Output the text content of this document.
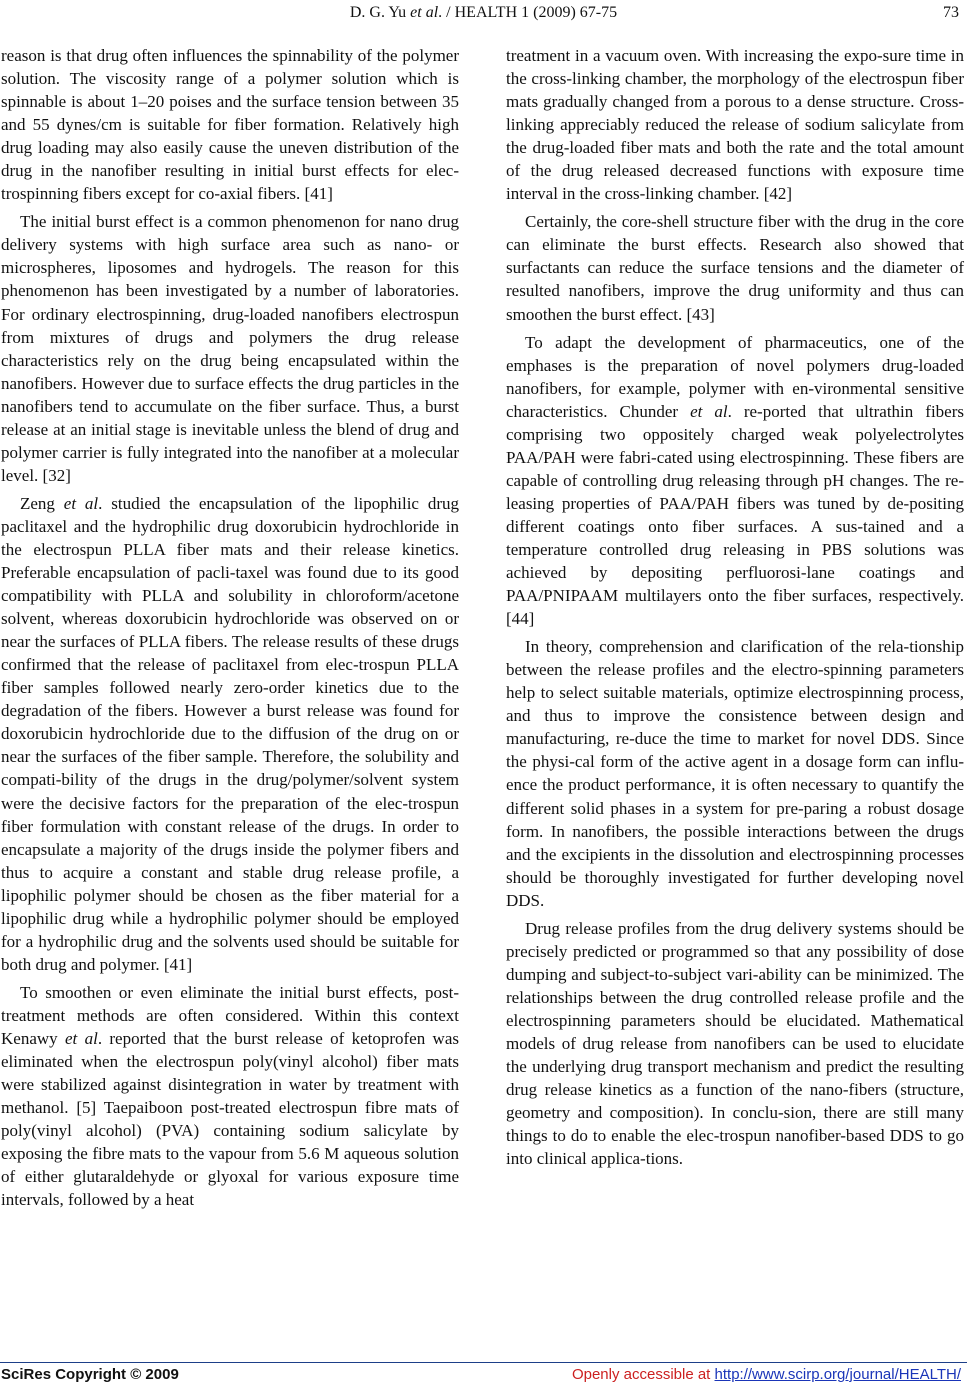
D. G. Yu et al. / HEALTH 1 (2009) 67-75	73

reason is that drug often influences the spinnability of the polymer solution. The viscosity range of a polymer solution which is spinnable is about 1–20 poises and the surface tension between 35 and 55 dynes/cm is suitable for fiber formation. Relatively high drug loading may also easily cause the uneven distribution of the drug in the nanofiber resulting in initial burst effects for elec-trospinning fibers except for co-axial fibers. [41]

The initial burst effect is a common phenomenon for nano drug delivery systems with high surface area such as nano- or microspheres, liposomes and hydrogels. The reason for this phenomenon has been investigated by a number of laboratories. For ordinary electrospinning, drug-loaded nanofibers electrospun from mixtures of drugs and polymers the drug release characteristics rely on the drug being encapsulated within the nanofibers. However due to surface effects the drug particles in the nanofibers tend to accumulate on the fiber surface. Thus, a burst release at an initial stage is inevitable unless the blend of drug and polymer carrier is fully integrated into the nanofiber at a molecular level. [32]

Zeng et al. studied the encapsulation of the lipophilic drug paclitaxel and the hydrophilic drug doxorubicin hydrochloride in the electrospun PLLA fiber mats and their release kinetics. Preferable encapsulation of pacli-taxel was found due to its good compatibility with PLLA and solubility in chloroform/acetone solvent, whereas doxorubicin hydrochloride was observed on or near the surfaces of PLLA fibers. The release results of these drugs confirmed that the release of paclitaxel from elec-trospun PLLA fiber samples followed nearly zero-order kinetics due to the degradation of the fibers. However a burst release was found for doxorubicin hydrochloride due to the diffusion of the drug on or near the surfaces of the fiber sample. Therefore, the solubility and compati-bility of the drugs in the drug/polymer/solvent system were the decisive factors for the preparation of the elec-trospun fiber formulation with constant release of the drugs. In order to encapsulate a majority of the drugs inside the polymer fibers and thus to acquire a constant and stable drug release profile, a lipophilic polymer should be chosen as the fiber material for a lipophilic drug while a hydrophilic polymer should be employed for a hydrophilic drug and the solvents used should be suitable for both drug and polymer. [41]

To smoothen or even eliminate the initial burst effects, post-treatment methods are often considered. Within this context Kenawy et al. reported that the burst release of ketoprofen was eliminated when the electrospun poly(vinyl alcohol) fiber mats were stabilized against disintegration in water by treatment with methanol. [5] Taepaiboon post-treated electrospun fibre mats of poly(vinyl alcohol) (PVA) containing sodium salicylate by exposing the fibre mats to the vapour from 5.6 M aqueous solution of either glutaraldehyde or glyoxal for various exposure time intervals, followed by a heat

treatment in a vacuum oven. With increasing the expo-sure time in the cross-linking chamber, the morphology of the electrospun fiber mats gradually changed from a porous to a dense structure. Cross-linking appreciably reduced the release of sodium salicylate from the drug-loaded fiber mats and both the rate and the total amount of the drug released decreased functions with exposure time interval in the cross-linking chamber. [42]

Certainly, the core-shell structure fiber with the drug in the core can eliminate the burst effects. Research also showed that surfactants can reduce the surface tensions and the diameter of resulted nanofibers, improve the drug uniformity and thus can smoothen the burst effect. [43]

To adapt the development of pharmaceutics, one of the emphases is the preparation of novel polymers drug-loaded nanofibers, for example, polymer with en-vironmental sensitive characteristics. Chunder et al. re-ported that ultrathin fibers comprising two oppositely charged weak polyelectrolytes PAA/PAH were fabri-cated using electrospinning. These fibers are capable of controlling drug releasing through pH changes. The re-leasing properties of PAA/PAH fibers was tuned by de-positing different coatings onto fiber surfaces. A sus-tained and a temperature controlled drug releasing in PBS solutions was achieved by depositing perfluorosi-lane coatings and PAA/PNIPAAM multilayers onto the fiber surfaces, respectively. [44]

In theory, comprehension and clarification of the rela-tionship between the release profiles and the electro-spinning parameters help to select suitable materials, optimize electrospinning process, and thus to improve the consistence between design and manufacturing, re-duce the time to market for novel DDS. Since the physi-cal form of the active agent in a dosage form can influ-ence the product performance, it is often necessary to quantify the different solid phases in a system for pre-paring a robust dosage form. In nanofibers, the possible interactions between the drugs and the excipients in the dissolution and electrospinning processes should be thoroughly investigated for further developing novel DDS.

Drug release profiles from the drug delivery systems should be precisely predicted or programmed so that any possibility of dose dumping and subject-to-subject vari-ability can be minimized. The relationships between the drug controlled release profile and the electrospinning parameters should be elucidated. Mathematical models of drug release from nanofibers can be used to elucidate the underlying drug transport mechanism and predict the resulting drug release kinetics as a function of the nano-fibers (structure, geometry and composition). In conclu-sion, there are still many things to do to enable the elec-trospun nanofiber-based DDS to go into clinical applica-tions.

SciRes Copyright © 2009	Openly accessible at http://www.scirp.org/journal/HEALTH/
